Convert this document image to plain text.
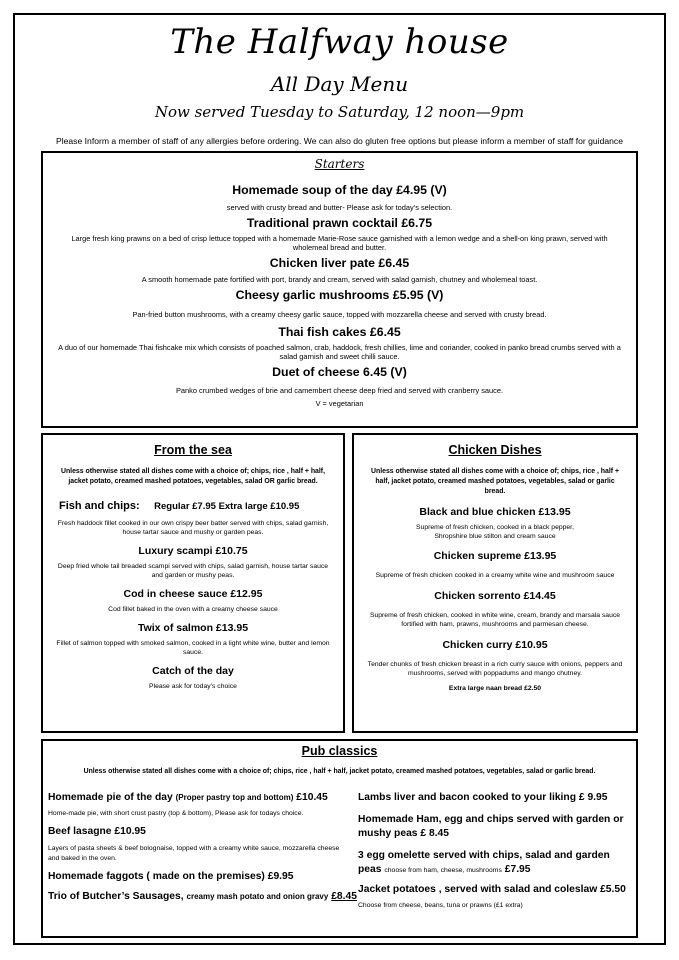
The Halfway house
All Day Menu
Now served Tuesday to Saturday, 12 noon—9pm
Please Inform a member of staff of any allergies before ordering. We can also do gluten free options but please inform a member of staff for guidance
Starters
Homemade soup of the day £4.95 (V)
served with crusty bread and butter- Please ask for today’s selection.
Traditional prawn cocktail £6.75
Large fresh king prawns on a bed of crisp lettuce topped with a homemade Marie-Rose sauce garnished with a lemon wedge and a shell-on king prawn, served with wholemeal bread and butter.
Chicken liver pate £6.45
A smooth homemade pate fortified with port, brandy and cream, served with salad garnish, chutney and wholemeal toast.
Cheesy garlic mushrooms £5.95 (V)
Pan-fried button mushrooms, with a creamy cheesy garlic sauce, topped with mozzarella cheese and served with crusty bread.
Thai fish cakes £6.45
A duo of our homemade Thai fishcake mix which consists of poached salmon, crab, haddock, fresh chillies, lime and coriander, cooked in panko bread crumbs served with a salad garnish and sweet chilli sauce.
Duet of cheese 6.45 (V)
Panko crumbed wedges of brie and camembert cheese deep fried and served with cranberry sauce.
V = vegetarian
From the sea
Unless otherwise stated all dishes come with a choice of; chips, rice , half + half, jacket potato, creamed mashed potatoes, vegetables, salad OR garlic bread.
Fish and chips: Regular £7.95 Extra large £10.95
Fresh haddock fillet cooked in our own crispy beer batter served with chips, salad garnish, house tartar sauce and mushy or garden peas.
Luxury scampi £10.75
Deep fried whole tail breaded scampi served with chips, salad garnish, house tartar sauce and garden or mushy peas.
Cod in cheese sauce £12.95
Cod fillet baked in the oven with a creamy cheese sauce
Twix of salmon £13.95
Fillet of salmon topped with smoked salmon, cooked in a light white wine, butter and lemon sauce.
Catch of the day
Please ask for today’s choice
Chicken Dishes
Unless otherwise stated all dishes come with a choice of; chips, rice , half + half, jacket potato, creamed mashed potatoes, vegetables, salad or garlic bread.
Black and blue chicken £13.95
Supreme of fresh chicken, cooked in a black pepper, Shropshire blue stilton and cream sauce
Chicken supreme £13.95
Supreme of fresh chicken cooked in a creamy white wine and mushroom sauce
Chicken sorrento £14.45
Supreme of fresh chicken, cooked in white wine, cream, brandy and marsala sauce fortified with ham, prawns, mushrooms and parmesan cheese.
Chicken curry £10.95
Tender chunks of fresh chicken breast in a rich curry sauce with onions, peppers and mushrooms, served with poppadums and mango chutney.
Extra large naan bread £2.50
Pub classics
Unless otherwise stated all dishes come with a choice of; chips, rice , half + half, jacket potato, creamed mashed potatoes, vegetables, salad or garlic bread.
Homemade pie of the day (Proper pastry top and bottom) £10.45
Home-made pie, with short crust pastry (top & bottom), Please ask for todays choice.
Beef lasagne £10.95
Layers of pasta sheets & beef bolognaise, topped with a creamy white sauce, mozzarella cheese and baked in the oven.
Homemade faggots ( made on the premises) £9.95
Trio of Butcher’s Sausages, creamy mash potato and onion gravy £8.45
Lambs liver and bacon cooked to your liking £ 9.95
Homemade Ham, egg and chips served with garden or mushy peas £ 8.45
3 egg omelette served with chips, salad and garden peas choose from ham, cheese, mushrooms £7.95
Jacket potatoes , served with salad and coleslaw £5.50
Choose from cheese, beans, tuna or prawns (£1 extra)
